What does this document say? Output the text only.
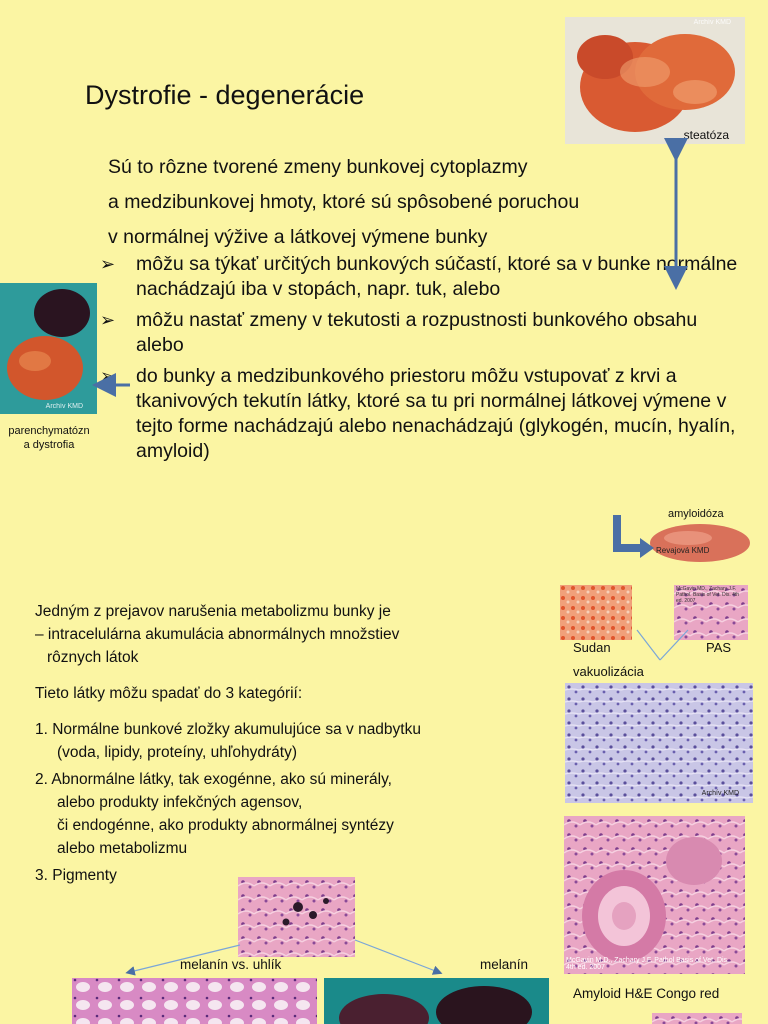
Dystrofie - degenerácie
Sú to rôzne tvorené zmeny bunkovej cytoplazmy
a medzibunkovej hmoty, ktoré sú spôsobené poruchou
v normálnej výžive a látkovej výmene bunky
➢ môžu sa týkať určitých bunkových súčastí, ktoré sa v bunke normálne nachádzajú iba v stopách, napr. tuk, alebo
➢ môžu nastať zmeny v tekutosti a rozpustnosti bunkového obsahu alebo
➢ do bunky a medzibunkového priestoru môžu vstupovať z krvi a tkanivových tekutín látky, ktoré sa tu pri normálnej látkovej výmene v tejto forme nachádzajú alebo nenachádzajú (glykogén, mucín, hyalín, amyloid)
Archív KMD
steatóza
Archív KMD
parenchymatózn
a dystrofia
amyloidóza
Revajová KMD
Jedným z prejavov narušenia metabolizmu bunky je
– intracelulárna akumulácia abnormálnych množstiev
rôznych látok
Tieto látky môžu spadať do 3 kategórií:
1. Normálne bunkové zložky akumulujúce sa v nadbytku
(voda, lipidy, proteíny, uhľohydráty)
2. Abnormálne látky, tak exogénne, ako sú minerály,
alebo produkty infekčných agensov,
či endogénne, ako produkty abnormálnej syntézy
alebo metabolizmu
3. Pigmenty
McGavin MD., Zachary J.F. Pathol. Basis of Vet. Dis. 4th ed. 2007
Sudan	PAS
vakuolizácia
Archív KMD
McGavin M.D., Zachary J.F. Pathol Basis of Vet. Dis. 4th ed. 2007
Amyloid H&E Congo red
melanín vs. uhlík	melanín
